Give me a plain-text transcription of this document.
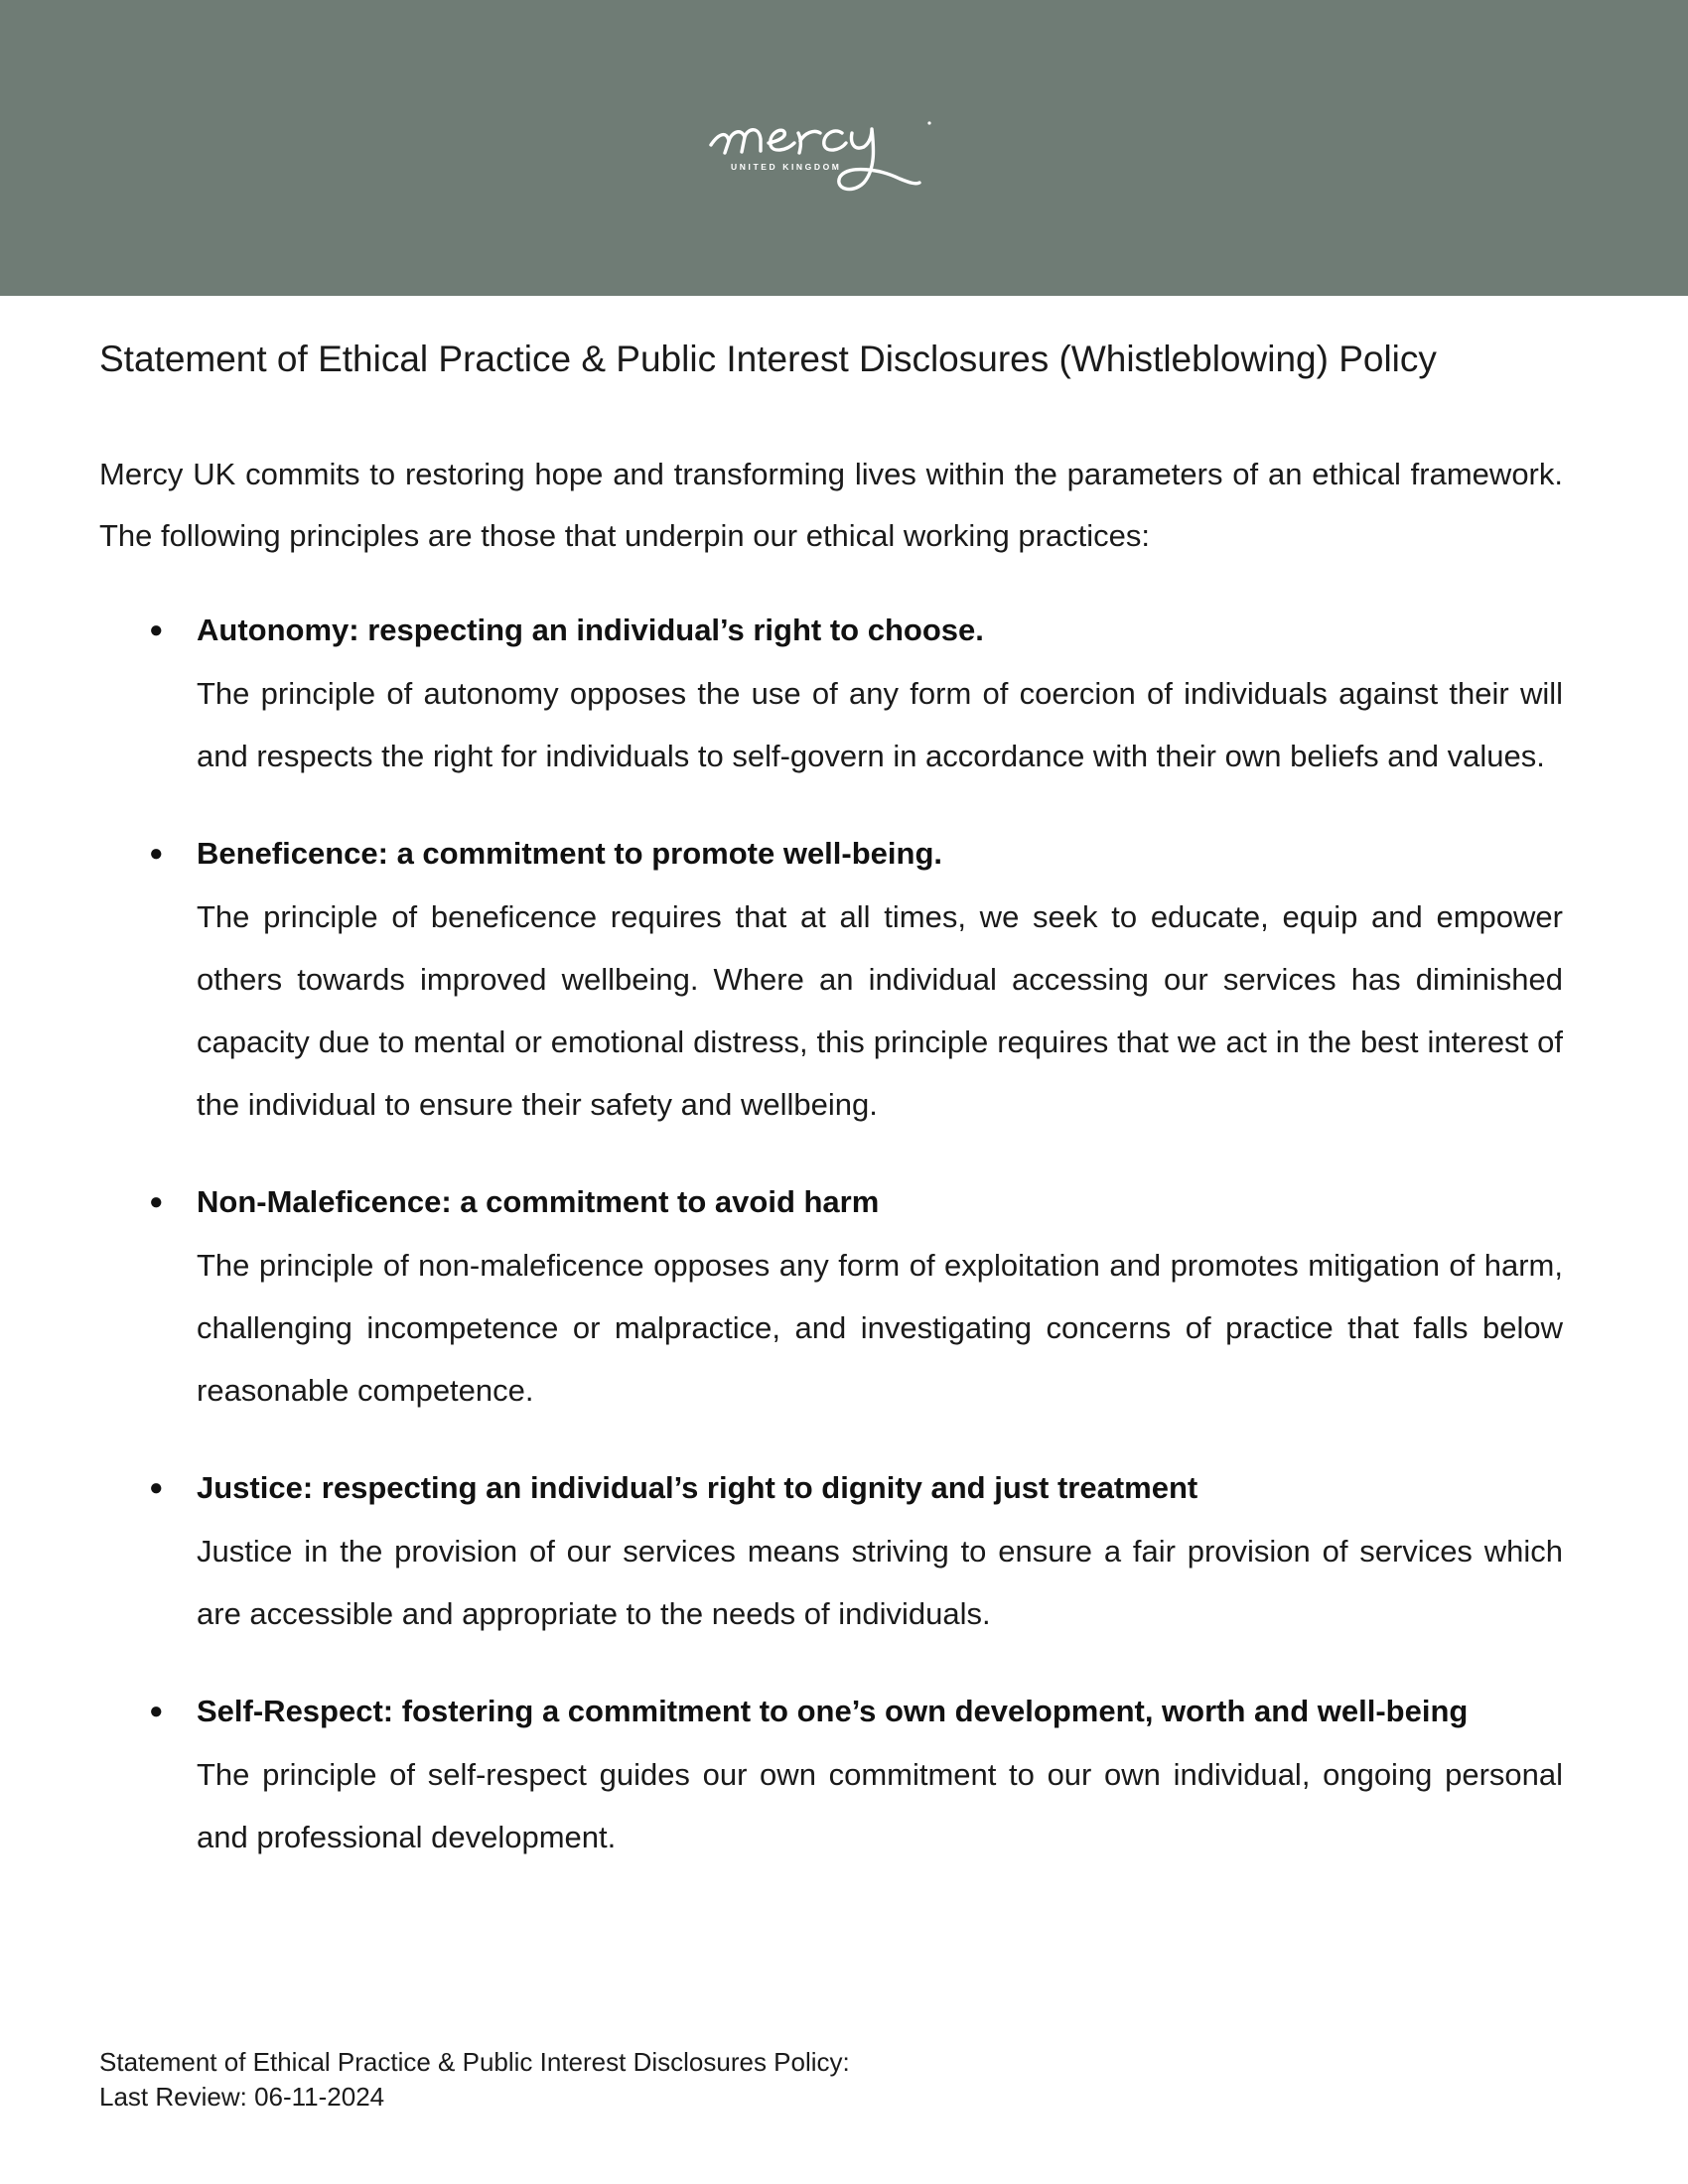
UNITED KINGDOM
Statement of Ethical Practice & Public Interest Disclosures (Whistleblowing) Policy
Mercy UK commits to restoring hope and transforming lives within the parameters of an ethical framework. The following principles are those that underpin our ethical working practices:
● Autonomy: respecting an individual’s right to choose.
The principle of autonomy opposes the use of any form of coercion of individuals against their will and respects the right for individuals to self-govern in accordance with their own beliefs and values.
● Beneficence: a commitment to promote well-being.
The principle of beneficence requires that at all times, we seek to educate, equip and empower others towards improved wellbeing. Where an individual accessing our services has diminished capacity due to mental or emotional distress, this principle requires that we act in the best interest of the individual to ensure their safety and wellbeing.
● Non-Maleficence: a commitment to avoid harm
The principle of non-maleficence opposes any form of exploitation and promotes mitigation of harm, challenging incompetence or malpractice, and investigating concerns of practice that falls below reasonable competence.
● Justice: respecting an individual’s right to dignity and just treatment
Justice in the provision of our services means striving to ensure a fair provision of services which are accessible and appropriate to the needs of individuals.
● Self-Respect: fostering a commitment to one’s own development, worth and well-being
The principle of self-respect guides our own commitment to our own individual, ongoing personal and professional development.
Statement of Ethical Practice & Public Interest Disclosures Policy:
Last Review: 06-11-2024
